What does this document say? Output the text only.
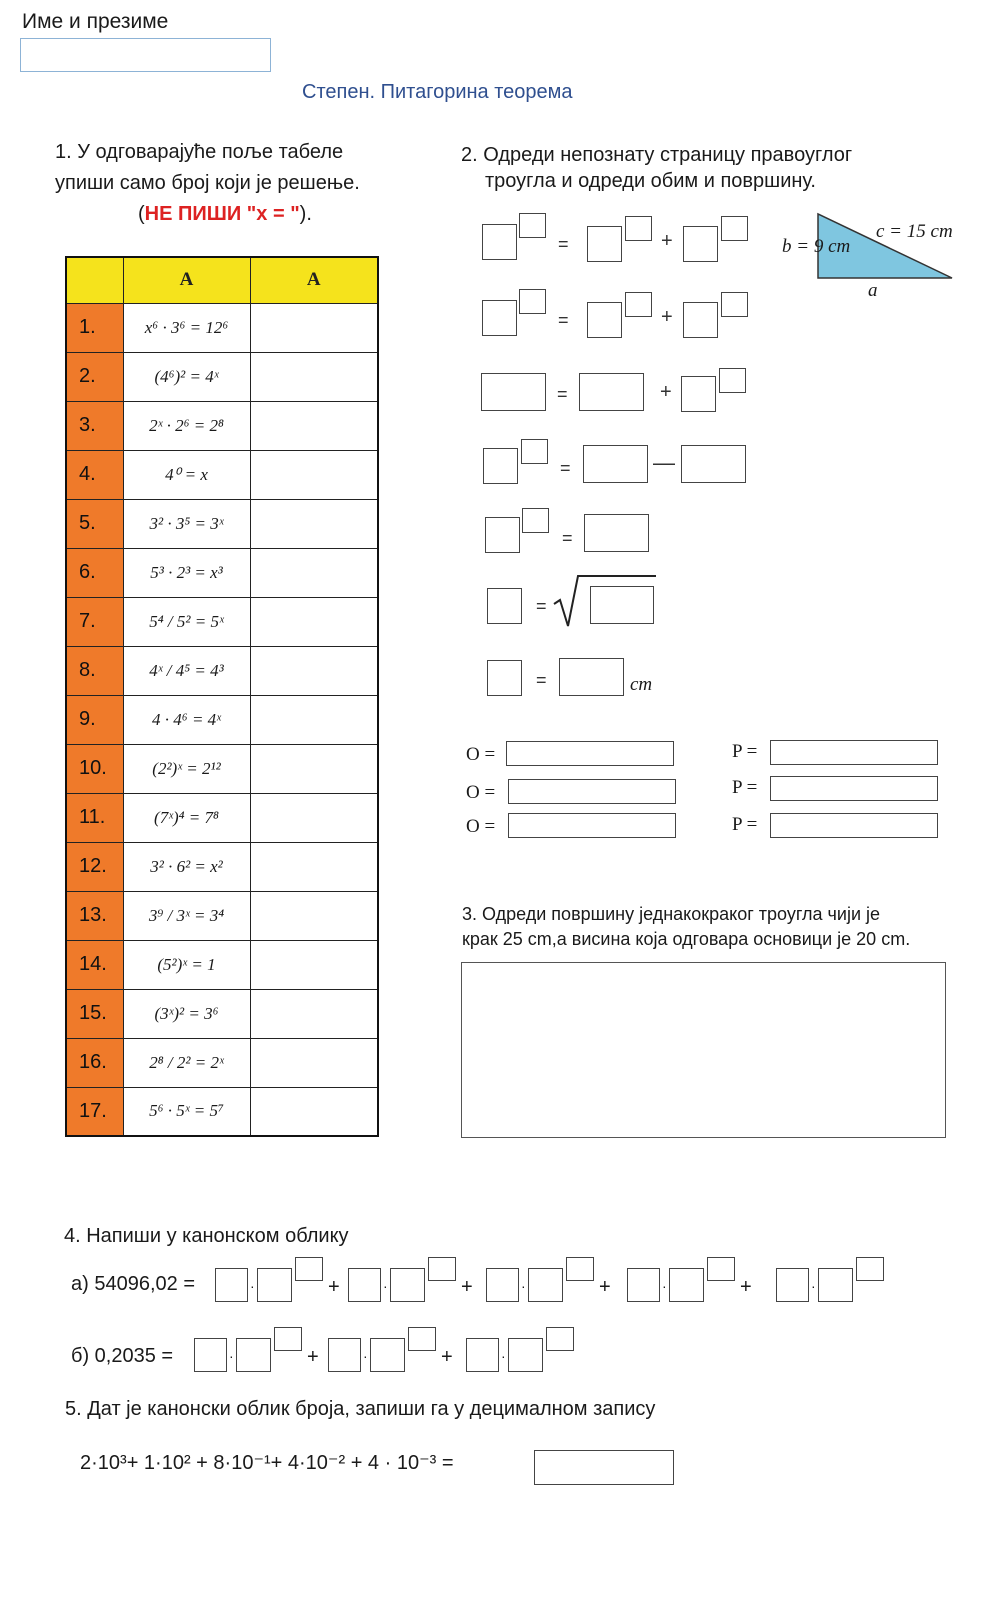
Име и презиме
Степен. Питагорина теорема
1. У одговарајуће поље табеле
упиши само број који је решење.
(НЕ ПИШИ "x = ").
	A	A
1.	x⁶ · 3⁶ = 12⁶	
2.	(4⁶)² = 4ˣ	
3.	2ˣ · 2⁶ = 2⁸	
4.	4⁰ = x	
5.	3² · 3⁵ = 3ˣ	
6.	5³ · 2³ = x³	
7.	5⁴ / 5² = 5ˣ	
8.	4ˣ / 4⁵ = 4³	
9.	4 · 4⁶ = 4ˣ	
10.	(2²)ˣ = 2¹²	
11.	(7ˣ)⁴ = 7⁸	
12.	3² · 6² = x²	
13.	3⁹ / 3ˣ = 3⁴	
14.	(5²)ˣ = 1	
15.	(3ˣ)² = 3⁶	
16.	2⁸ / 2² = 2ˣ	
17.	5⁶ · 5ˣ = 5⁷	
2. Одреди непознату страницу правоуглог
троугла и одреди обим и површину.
b = 9 cm
c = 15 cm
a
=	+
=	+
=	+
=	—
=
=
=	cm
O =
O =
O =
P =
P =
P =
3. Одреди површину једнакокраког троугла чији је
крак 25 cm,а висина која одговара основици је 20 cm.
4. Напиши у канонском облику
а) 54096,02 =
б) 0,2035 =
·	+	·	+	·	+	·	+	·
·	+	·	+	·
5. Дат је канонски облик броја, запиши га у децималном запису
2·10³+ 1·10² + 8·10⁻¹+ 4·10⁻² + 4 · 10⁻³ =
